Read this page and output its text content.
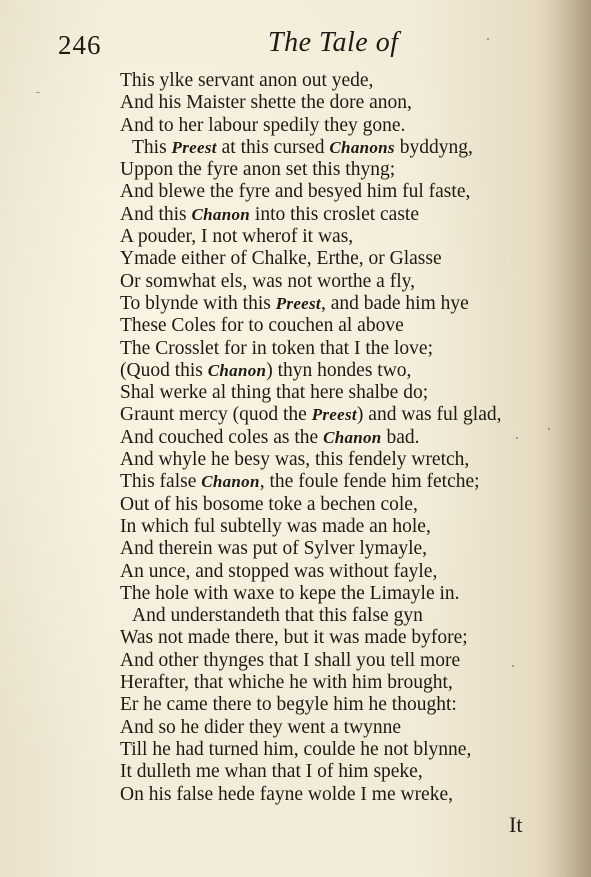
246	The Tale of
This ylke servant anon out yede,
And his Maister shette the dore anon,
And to her labour spedily they gone.
This Preest at this cursed Chanons byddyng,
Uppon the fyre anon set this thyng;
And blewe the fyre and besyed him ful faste,
And this Chanon into this croslet caste
A pouder, I not wherof it was,
Ymade either of Chalke, Erthe, or Glasse
Or somwhat els, was not worthe a fly,
To blynde with this Preest, and bade him hye
These Coles for to couchen al above
The Crosslet for in token that I the love;
(Quod this Chanon) thyn hondes two,
Shal werke al thing that here shalbe do;
Graunt mercy (quod the Preest) and was ful glad,
And couched coles as the Chanon bad.
And whyle he besy was, this fendely wretch,
This false Chanon, the foule fende him fetche;
Out of his bosome toke a bechen cole,
In which ful subtelly was made an hole,
And therein was put of Sylver lymayle,
An unce, and stopped was without fayle,
The hole with waxe to kepe the Limayle in.
And understandeth that this false gyn
Was not made there, but it was made byfore;
And other thynges that I shall you tell more
Herafter, that whiche he with him brought,
Er he came there to begyle him he thought:
And so he dider they went a twynne
Till he had turned him, coulde he not blynne,
It dulleth me whan that I of him speke,
On his false hede fayne wolde I me wreke,
It
